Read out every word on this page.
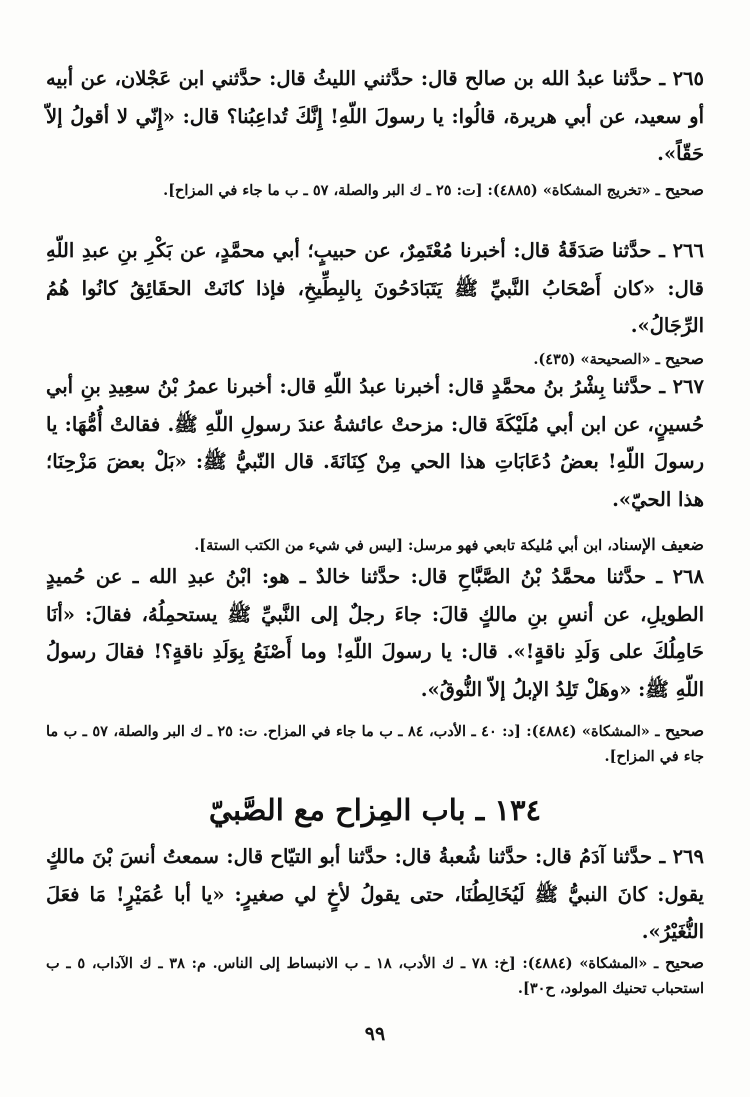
٢٦٥ ـ حدَّثنا عبدُ الله بن صالح قال: حدَّثني الليثُ قال: حدَّثني ابن عَجْلان، عن أبيه أو سعيد، عن أبي هريرة، قالُوا: يا رسولَ اللّهِ! إِنَّكَ تُداعِبُنا؟ قال: «إِنّي لا أقولُ إلاّ حَقّاً».
صحيح ـ «تخريج المشكاة» (٤٨٨٥): [ت: ٢٥ ـ ك البر والصلة، ٥٧ ـ ب ما جاء في المزاح].
٢٦٦ ـ حدَّثنا صَدَقَةُ قال: أخبرنا مُعْتَمِرٌ، عن حبيبٍ؛ أبي محمَّدٍ، عن بَكْرِ بنِ عبدِ اللّهِ قال: «كان أَصْحَابُ النَّبيِّ ﷺ يَتَبَادَحُونَ بِالبِطِّيخِ، فإذا كانَتْ الحقَائِقُ كانُوا هُمُ الرِّجَالُ».
صحيح ـ «الصحيحة» (٤٣٥).
٢٦٧ ـ حدَّثنا بِشْرُ بنُ محمَّدٍ قال: أخبرنا عبدُ اللّهِ قال: أخبرنا عمرُ بْنُ سعِيدِ بنِ أبي حُسينٍ، عن ابن أبي مُلَيْكَةَ قال: مزحتْ عائشةُ عندَ رسولِ اللّهِ ﷺ. فقالتْ أُمُّهَا: يا رسولَ اللّهِ! بعضُ دُعَابَاتِ هذا الحي مِنْ كِنَانَةَ. قال النّبيُّ ﷺ: «بَلْ بعضَ مَزْحِنَا؛ هذا الحيّ».
ضعيف الإسناد، ابن أبي مُليكة تابعي فهو مرسل: [ليس في شيء من الكتب الستة].
٢٦٨ ـ حدَّثنا محمَّدُ بْنُ الصَّبَّاحِ قال: حدَّثنا خالدٌ ـ هو: ابْنُ عبدِ الله ـ عن حُميدٍ الطويلِ، عن أنسِ بنِ مالكٍ قالَ: جاءَ رجلٌ إلى النَّبيِّ ﷺ يستحمِلُهُ، فقالَ: «أنَا حَامِلُكَ على وَلَدِ ناقةٍ!». قال: يا رسولَ اللّهِ! وما أَصْنَعُ بِوَلَدِ ناقةٍ؟! فقالَ رسولُ اللّهِ ﷺ: «وهَلْ تَلِدُ الإبلُ إلاّ النُّوقُ».
صحيح ـ «المشكاة» (٤٨٨٤): [د: ٤٠ ـ الأدب، ٨٤ ـ ب ما جاء في المزاح. ت: ٢٥ ـ ك البر والصلة، ٥٧ ـ ب ما جاء في المزاح].
١٣٤ ـ باب المِزاح مع الصَّبيّ
٢٦٩ ـ حدَّثنا آدَمُ قال: حدَّثنا شُعبةُ قال: حدَّثنا أبو التيّاح قال: سمعتُ أنسَ بْنَ مالكٍ يقول: كانَ النبيُّ ﷺ لَيُخَالِطُنَا، حتى يقولُ لأخٍ لي صغيرٍ: «يا أبا عُمَيْرٍ! مَا فعَلَ النُّغَيْرُ».
صحيح ـ «المشكاة» (٤٨٨٤): [خ: ٧٨ ـ ك الأدب، ١٨ ـ ب الانبساط إلى الناس. م: ٣٨ ـ ك الآداب، ٥ ـ ب استحباب تحنيك المولود، ح٣٠].
٩٩
